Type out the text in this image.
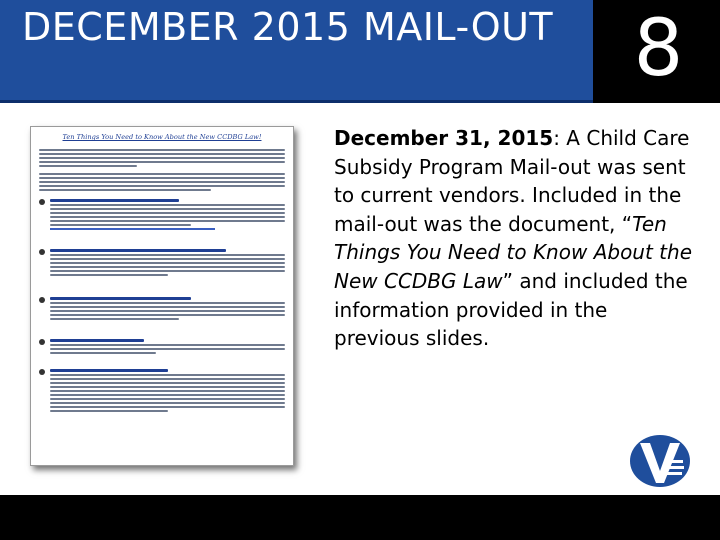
DECEMBER 2015 MAIL-OUT	8
Ten Things You Need to Know About the New CCDBG Law!	December 31, 2015: A Child Care Subsidy Program Mail-out was sent to current vendors. Included in the mail-out was the document, “Ten Things You Need to Know About the New CCDBG Law” and included the information provided in the previous slides.
